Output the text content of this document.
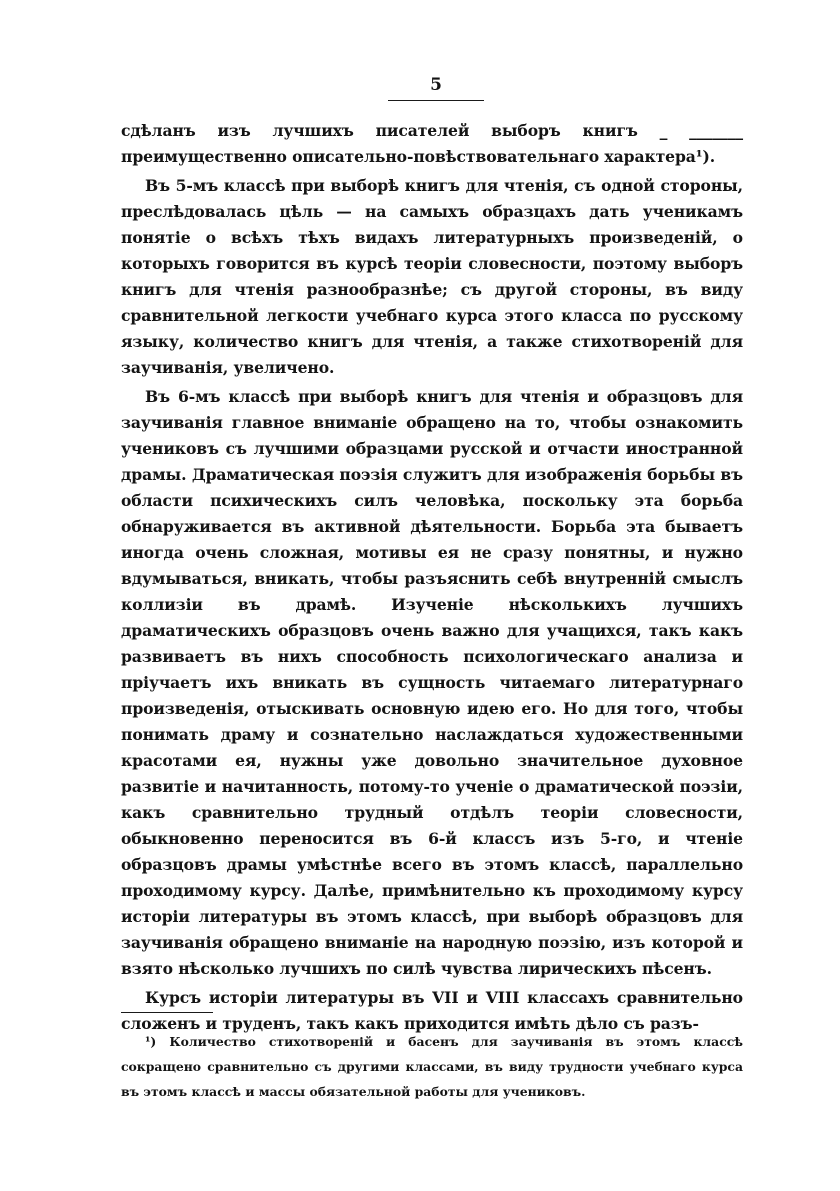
5

сдѣланъ изъ лучшихъ писателей выборъ книгъ _ _______ преимущественно описательно-повѣствовательнаго характера¹).

Въ 5-мъ классѣ при выборѣ книгъ для чтенія, съ одной стороны, преслѣдовалась цѣль — на самыхъ образцахъ дать ученикамъ понятіе о всѣхъ тѣхъ видахъ литературныхъ произведеній, о которыхъ говорится въ курсѣ теоріи словесности, поэтому выборъ книгъ для чтенія разнообразнѣе; съ другой стороны, въ виду сравнительной легкости учебнаго курса этого класса по русскому языку, количество книгъ для чтенія, а также стихотвореній для заучиванія, увеличено.

Въ 6-мъ классѣ при выборѣ книгъ для чтенія и образцовъ для заучиванія главное вниманіе обращено на то, чтобы ознакомить учениковъ съ лучшими образцами русской и отчасти иностранной драмы. Драматическая поэзія служитъ для изображенія борьбы въ области психическихъ силъ человѣка, поскольку эта борьба обнаруживается въ активной дѣятельности. Борьба эта бываетъ иногда очень сложная, мотивы ея не сразу понятны, и нужно вдумываться, вникать, чтобы разъяснить себѣ внутренній смыслъ коллизіи въ драмѣ. Изученіе нѣсколькихъ лучшихъ драматическихъ образцовъ очень важно для учащихся, такъ какъ развиваетъ въ нихъ способность психологическаго анализа и пріучаетъ ихъ вникать въ сущность читаемаго литературнаго произведенія, отыскивать основную идею его. Но для того, чтобы понимать драму и сознательно наслаждаться художественными красотами ея, нужны уже довольно значительное духовное развитіе и начитанность, потому-то ученіе о драматической поэзіи, какъ сравнительно трудный отдѣлъ теоріи словесности, обыкновенно переносится въ 6-й классъ изъ 5-го, и чтеніе образцовъ драмы умѣстнѣе всего въ этомъ классѣ, параллельно проходимому курсу. Далѣе, примѣнительно къ проходимому курсу исторіи литературы въ этомъ классѣ, при выборѣ образцовъ для заучиванія обращено вниманіе на народную поэзію, изъ которой и взято нѣсколько лучшихъ по силѣ чувства лирическихъ пѣсенъ.

Курсъ исторіи литературы въ VII и VIII классахъ сравнительно сложенъ и труденъ, такъ какъ приходится имѣть дѣло съ разъ-

¹) Количество стихотвореній и басенъ для заучиванія въ этомъ классѣ сокращено сравнительно съ другими классами, въ виду трудности учебнаго курса въ этомъ классѣ и массы обязательной работы для учениковъ.
